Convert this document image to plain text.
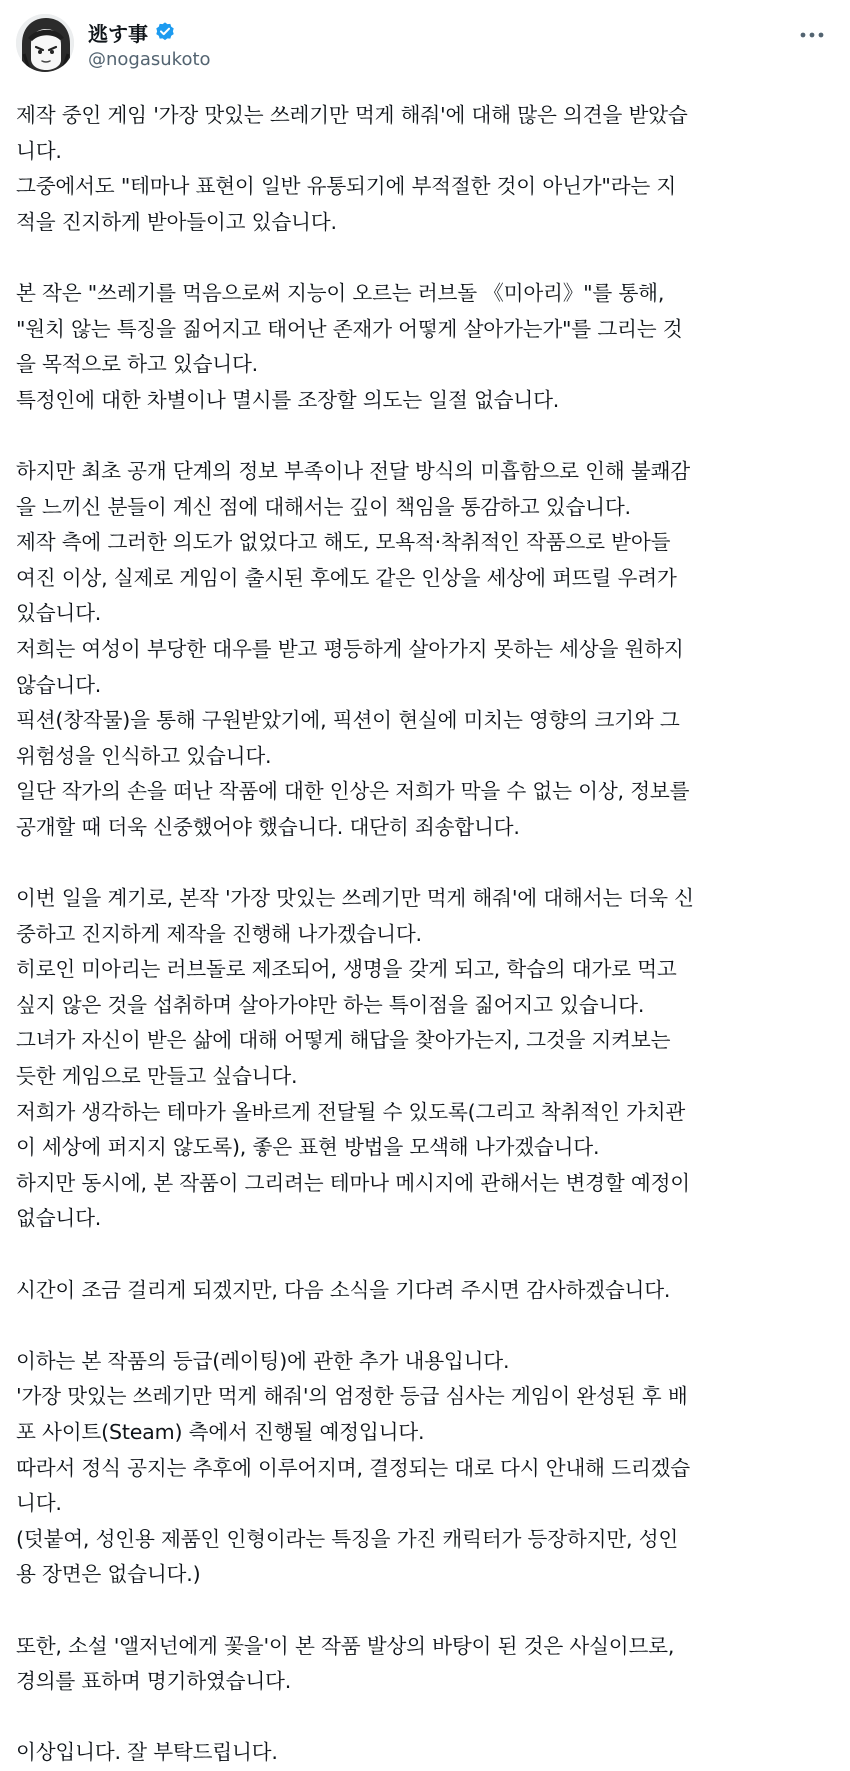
逃す事
@nogasukoto
제작 중인 게임 '가장 맛있는 쓰레기만 먹게 해줘'에 대해 많은 의견을 받았습
니다.
그중에서도 "테마나 표현이 일반 유통되기에 부적절한 것이 아닌가"라는 지
적을 진지하게 받아들이고 있습니다.
본 작은 "쓰레기를 먹음으로써 지능이 오르는 러브돌 《미아리》"를 통해,
"원치 않는 특징을 짊어지고 태어난 존재가 어떻게 살아가는가"를 그리는 것
을 목적으로 하고 있습니다.
특정인에 대한 차별이나 멸시를 조장할 의도는 일절 없습니다.
하지만 최초 공개 단계의 정보 부족이나 전달 방식의 미흡함으로 인해 불쾌감
을 느끼신 분들이 계신 점에 대해서는 깊이 책임을 통감하고 있습니다.
제작 측에 그러한 의도가 없었다고 해도, 모욕적·착취적인 작품으로 받아들
여진 이상, 실제로 게임이 출시된 후에도 같은 인상을 세상에 퍼뜨릴 우려가
있습니다.
저희는 여성이 부당한 대우를 받고 평등하게 살아가지 못하는 세상을 원하지
않습니다.
픽션(창작물)을 통해 구원받았기에, 픽션이 현실에 미치는 영향의 크기와 그
위험성을 인식하고 있습니다.
일단 작가의 손을 떠난 작품에 대한 인상은 저희가 막을 수 없는 이상, 정보를
공개할 때 더욱 신중했어야 했습니다. 대단히 죄송합니다.
이번 일을 계기로, 본작 '가장 맛있는 쓰레기만 먹게 해줘'에 대해서는 더욱 신
중하고 진지하게 제작을 진행해 나가겠습니다.
히로인 미아리는 러브돌로 제조되어, 생명을 갖게 되고, 학습의 대가로 먹고
싶지 않은 것을 섭취하며 살아가야만 하는 특이점을 짊어지고 있습니다.
그녀가 자신이 받은 삶에 대해 어떻게 해답을 찾아가는지, 그것을 지켜보는
듯한 게임으로 만들고 싶습니다.
저희가 생각하는 테마가 올바르게 전달될 수 있도록(그리고 착취적인 가치관
이 세상에 퍼지지 않도록), 좋은 표현 방법을 모색해 나가겠습니다.
하지만 동시에, 본 작품이 그리려는 테마나 메시지에 관해서는 변경할 예정이
없습니다.
시간이 조금 걸리게 되겠지만, 다음 소식을 기다려 주시면 감사하겠습니다.
이하는 본 작품의 등급(레이팅)에 관한 추가 내용입니다.
'가장 맛있는 쓰레기만 먹게 해줘'의 엄정한 등급 심사는 게임이 완성된 후 배
포 사이트(Steam) 측에서 진행될 예정입니다.
따라서 정식 공지는 추후에 이루어지며, 결정되는 대로 다시 안내해 드리겠습
니다.
(덧붙여, 성인용 제품인 인형이라는 특징을 가진 캐릭터가 등장하지만, 성인
용 장면은 없습니다.)
또한, 소설 '앨저넌에게 꽃을'이 본 작품 발상의 바탕이 된 것은 사실이므로,
경의를 표하며 명기하였습니다.
이상입니다. 잘 부탁드립니다.
